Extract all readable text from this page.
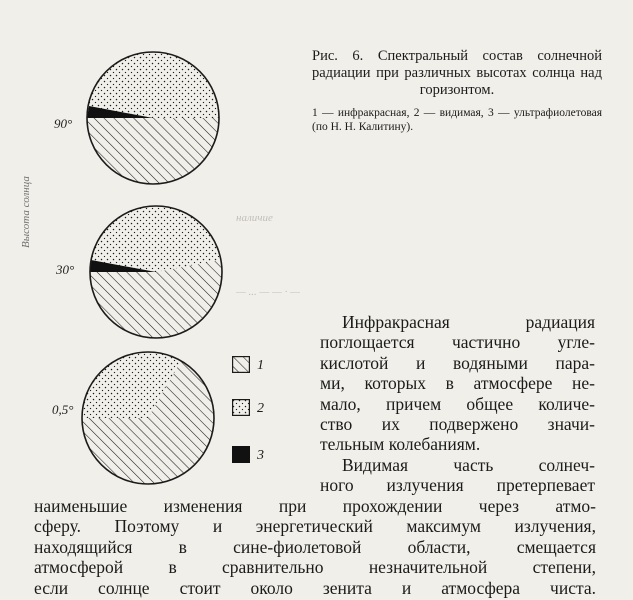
90°
30°
0,5°
Высота солнца	наличие
— ... — — · —
Рис. 6. Спектральный состав солнечной радиации при различных высотах солнца над горизонтом.
1 — инфракрасная, 2 — видимая, 3 — ультрафиолетовая (по Н. Н. Калитину).
1
2
3
Инфракрасная радиация
поглощается частично угле-
кислотой и водяными пара-
ми, которых в атмосфере не-
мало, причем общее количе-
ство их подвержено значи-
тельным колебаниям.
Видимая часть солнеч-
ного излучения претерпевает
наименьшие изменения при прохождении через атмо-
сферу. Поэтому и энергетический максимум излучения,
находящийся в сине-фиолетовой области, смещается
атмосферой в сравнительно незначительной степени,
если солнце стоит около зенита и атмосфера чиста.
